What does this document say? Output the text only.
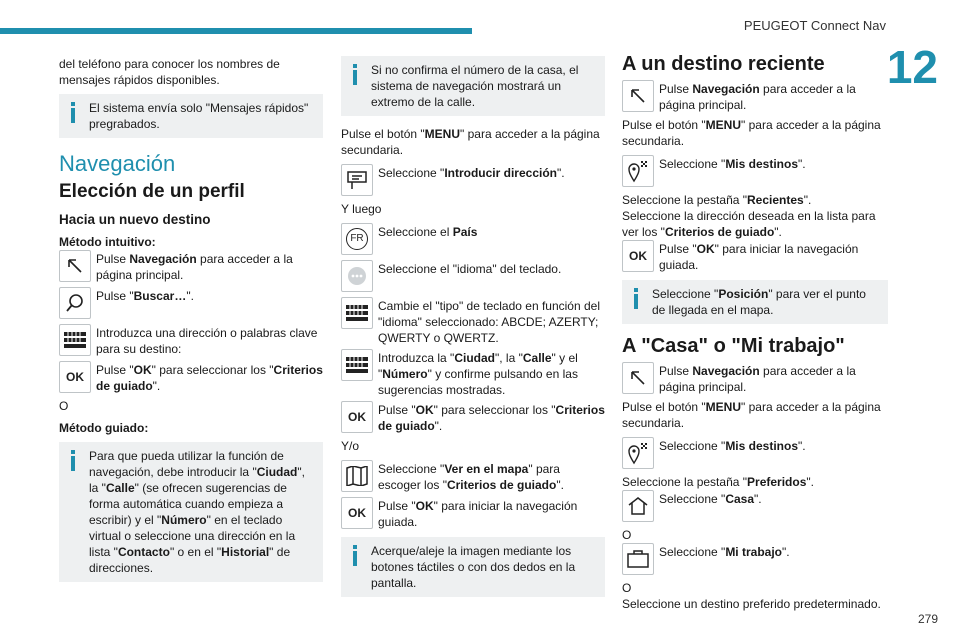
PEUGEOT Connect Nav
12
279
del teléfono para conocer los nombres de mensajes rápidos disponibles.
El sistema envía solo "Mensajes rápidos" pregrabados.
Navegación
Elección de un perfil
Hacia un nuevo destino
Método intuitivo:
Pulse Navegación para acceder a la página principal.
Pulse "Buscar…".
Introduzca una dirección o palabras clave para su destino:
OK	Pulse "OK" para seleccionar los "Criterios de guiado".
O
Método guiado:
Para que pueda utilizar la función de navegación, debe introducir la "Ciudad", la "Calle" (se ofrecen sugerencias de forma automática cuando empieza a escribir) y el "Número" en el teclado virtual o seleccione una dirección en la lista "Contacto" o en el "Historial" de direcciones.
Si no confirma el número de la casa, el sistema de navegación mostrará un extremo de la calle.
Pulse el botón "MENU" para acceder a la página secundaria.
Seleccione "Introducir dirección".
Y luego
FR	Seleccione el País
Seleccione el "idioma" del teclado.
Cambie el "tipo" de teclado en función del "idioma" seleccionado: ABCDE; AZERTY; QWERTY o QWERTZ.
Introduzca la "Ciudad", la "Calle" y el "Número" y confirme pulsando en las sugerencias mostradas.
OK	Pulse "OK" para seleccionar los "Criterios de guiado".
Y/o
Seleccione "Ver en el mapa" para escoger los "Criterios de guiado".
OK	Pulse "OK" para iniciar la navegación guiada.
Acerque/aleje la imagen mediante los botones táctiles o con dos dedos en la pantalla.
A un destino reciente
Pulse Navegación para acceder a la página principal.
Pulse el botón "MENU" para acceder a la página secundaria.
Seleccione "Mis destinos".
Seleccione la pestaña "Recientes".
Seleccione la dirección deseada en la lista para ver los "Criterios de guiado".
OK	Pulse "OK" para iniciar la navegación guiada.
Seleccione "Posición" para ver el punto de llegada en el mapa.
A "Casa" o "Mi trabajo"
Pulse Navegación para acceder a la página principal.
Pulse el botón "MENU" para acceder a la página secundaria.
Seleccione "Mis destinos".
Seleccione la pestaña "Preferidos".
Seleccione "Casa".
O
Seleccione "Mi trabajo".
O
Seleccione un destino preferido predeterminado.
